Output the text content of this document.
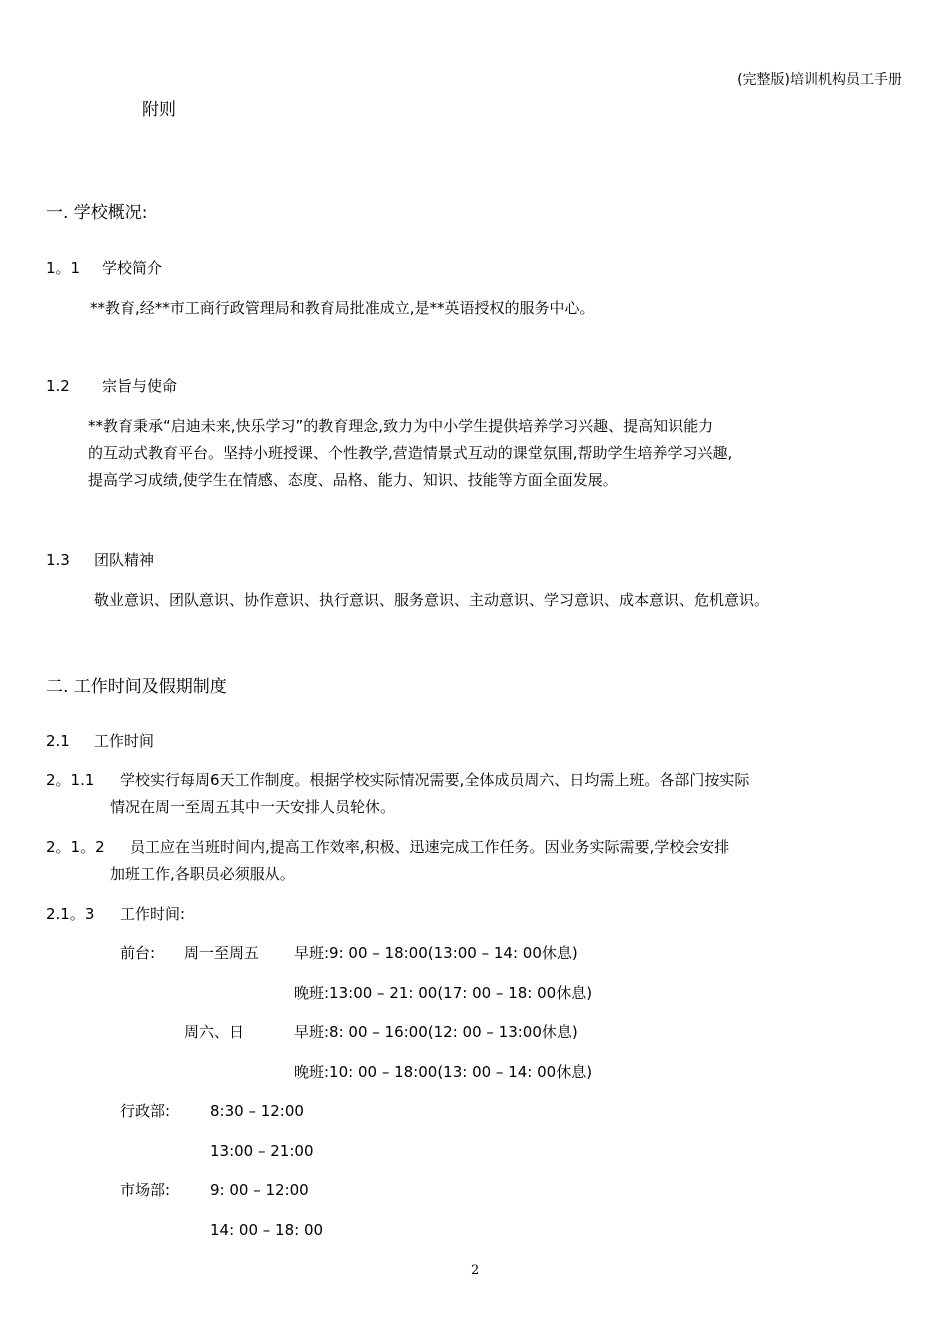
(完整版)培训机构员工手册
附则
一. 学校概况:
1。1 学校简介
**教育,经**市工商行政管理局和教育局批准成立,是**英语授权的服务中心。
1.2 宗旨与使命
**教育秉承“启迪未来,快乐学习”的教育理念,致力为中小学生提供培养学习兴趣、提高知识能力
的互动式教育平台。坚持小班授课、个性教学,营造情景式互动的课堂氛围,帮助学生培养学习兴趣,
提高学习成绩,使学生在情感、态度、品格、能力、知识、技能等方面全面发展。
1.3 团队精神
敬业意识、团队意识、协作意识、执行意识、服务意识、主动意识、学习意识、成本意识、危机意识。
二. 工作时间及假期制度
2.1 工作时间
2。1.1 学校实行每周6天工作制度。根据学校实际情况需要,全体成员周六、日均需上班。各部门按实际
情况在周一至周五其中一天安排人员轮休。
2。1。2 员工应在当班时间内,提高工作效率,积极、迅速完成工作任务。因业务实际需要,学校会安排
加班工作,各职员必须服从。
2.1。3 工作时间:
前台: 周一至周五 早班:9: 00 – 18:00(13:00 – 14: 00休息)
晚班:13:00 – 21: 00(17: 00 – 18: 00休息)
周六、日	早班:8: 00 – 16:00(12: 00 – 13:00休息)
晚班:10: 00 – 18:00(13: 00 – 14: 00休息)
行政部:	8:30 – 12:00
13:00 – 21:00
市场部:	9: 00 – 12:00
14: 00 – 18: 00
2
